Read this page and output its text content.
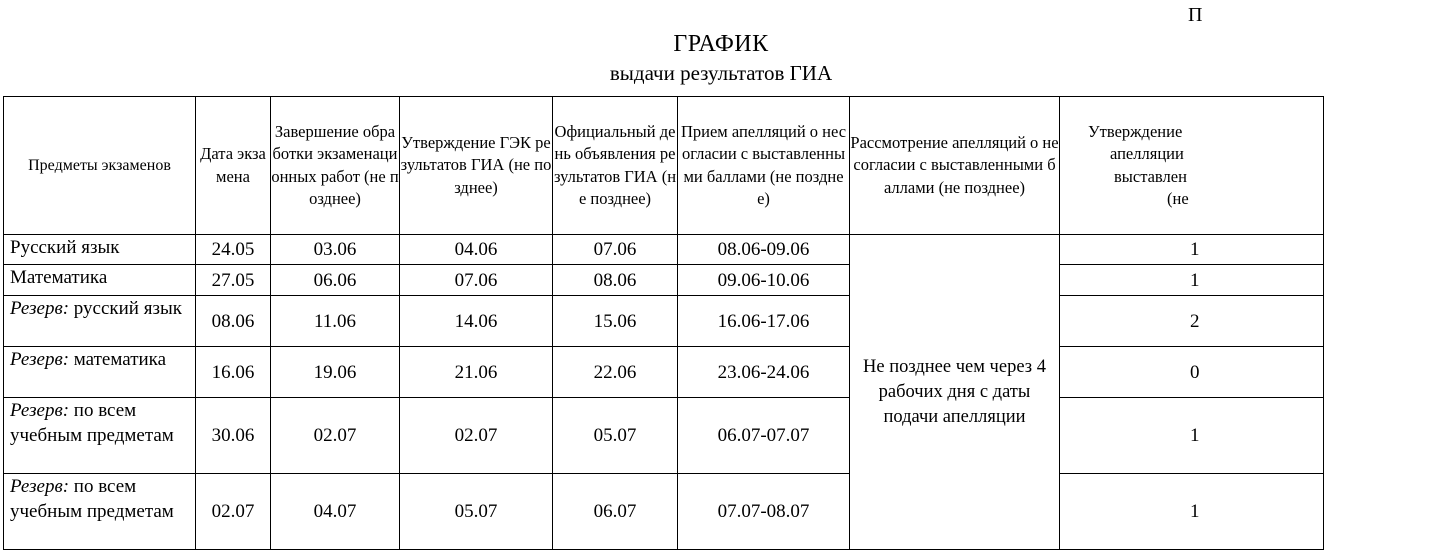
П
ГРАФИК
выдачи результатов ГИА
Предметы экзаменов	Дата экзамена	Завершение обработки экзаменационных работ (не позднее)	Утверждение ГЭК результатов ГИА (не позднее)	Официальный день объявления результатов ГИА (не позднее)	Прием апелляций о несогласии с выставленными баллами (не позднее)	Рассмотрение апелляций о несогласии с выставленными баллами (не позднее)	Утверждение
апелляции
выставлен
(не

Русский язык	24.05	03.06	04.06	07.06	08.06-09.06	Не позднее чем через 4 рабочих дня с даты подачи апелляции	1
Математика	27.05	06.06	07.06	08.06	09.06-10.06		1
Резерв: русский язык	08.06	11.06	14.06	15.06	16.06-17.06		2
Резерв: математика	16.06	19.06	21.06	22.06	23.06-24.06		0
Резерв: по всем учебным предметам	30.06	02.07	02.07	05.07	06.07-07.07		1
Резерв: по всем учебным предметам	02.07	04.07	05.07	06.07	07.07-08.07		1
